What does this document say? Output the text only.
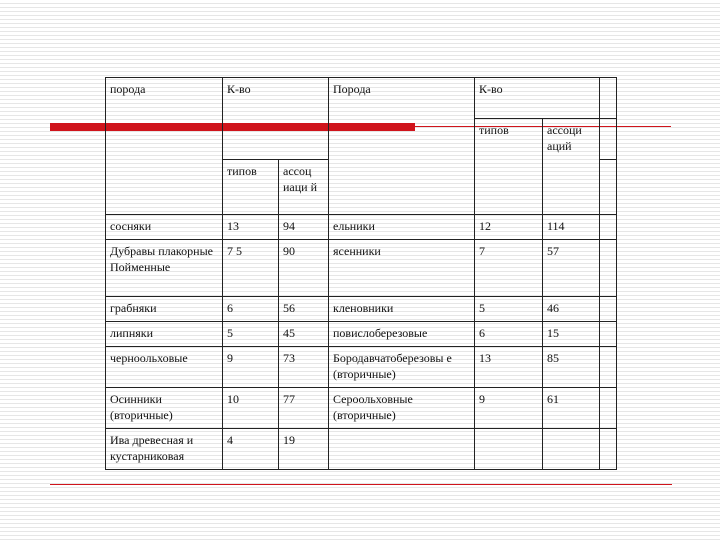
порода	К-во		Порода	К-во		
				типов	ассоци аций	
	типов	ассоц иаци й				
сосняки	13	94	ельники	12	114	
Дубравы плакорные Пойменные	7 5	90	ясенники	7	57	
грабняки	6	56	кленовники	5	46	
липняки	5	45	повислоберезовые	6	15	
черноольховые	9	73	Бородавчатоберезовы е (вторичные)	13	85	
Осинники (вторичные)	10	77	Сероольховные (вторичные)	9	61	
Ива древесная и кустарниковая	4	19				
